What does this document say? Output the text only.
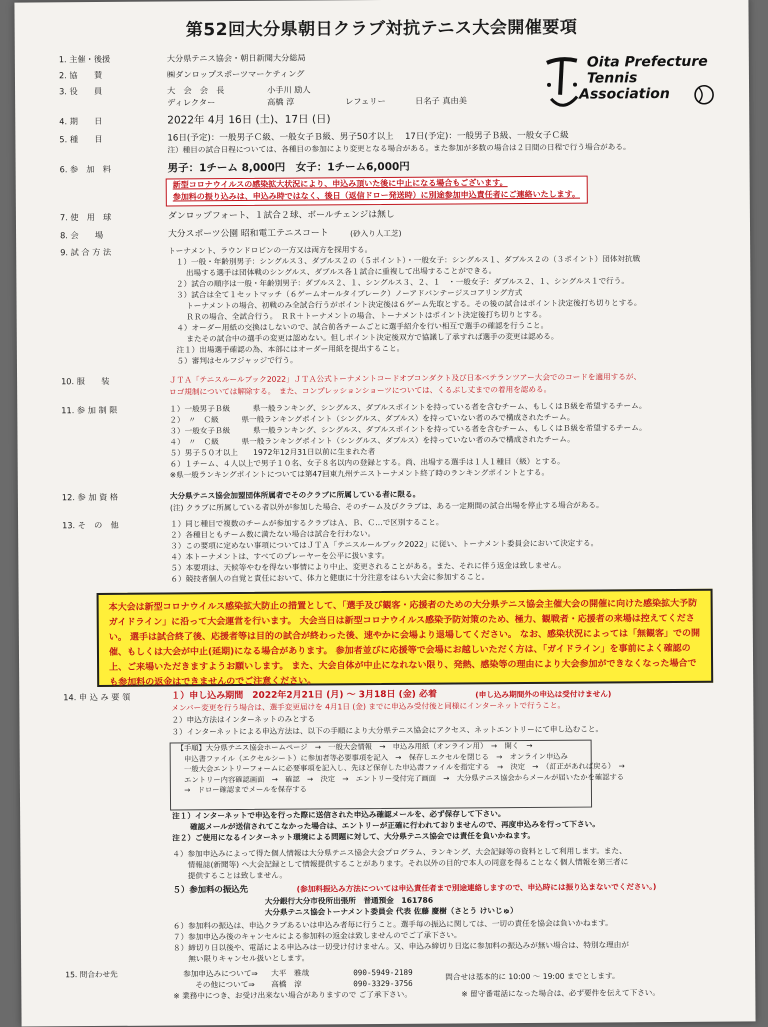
第52回大分県朝日クラブ対抗テニス大会開催要項
Oita Prefecture
Tennis
Association
1. 主催・後援	大分県テニス協会・朝日新聞大分総局
2. 協　　賛	㈱ダンロップスポーツマーケティング
3. 役　　員	大　会　会　長	小手川 励人
ディレクター	高橋 淳	レフェリー	日名子 真由美
4. 期　　日	2022年 4月 16日 (土)、17日 (日)
5. 種　　目	16日(予定)：一般男子Ｃ級、一般女子Ｂ級、男子50才以上　 17日(予定)：一般男子Ｂ級、一般女子Ｃ級
注）種目の試合日程については、各種目の参加により変更となる場合がある。また参加が多数の場合は２日間の日程で行う場合がある。
6. 参　加　料	男子：1チーム 8,000円　女子：1チーム6,000円
新型コロナウイルスの感染拡大状況により、申込み頂いた後に中止になる場合もございます。
参加料の振り込みは、申込み時ではなく、後日（返信ドロー発送時）に別途参加申込責任者にご連絡いたします。
7. 使　用　球	ダンロップフォート、１試合２球、ボールチェンジは無し
8. 会　　場	大分スポーツ公園 昭和電工テニスコート	(砂入り人工芝)
9. 試 合 方 法	トーナメント、ラウンドロビンの一方又は両方を採用する。
　１）一般・年齢別男子：シングルス３、ダブルス２の（５ポイント）・一般女子：シングルス１、ダブルス２の（３ポイント）団体対抗戦
　　 出場する選手は団体戦のシングルス、ダブルス各１試合に重複して出場することができる。
　２）試合の順序は一般・年齢別男子：ダブルス２、１、シングルス３、２、１　・一般女子：ダブルス２、１、シングルス１で行う。
　３）試合は全て１セットマッチ（６ゲームオールタイブレーク）ノーアドバンテージスコアリング方式
　　 トーナメントの場合、初戦のみ全試合行うがポイント決定後は６ゲーム先取とする。その後の試合はポイント決定後打ち切りとする。
　　 ＲＲの場合、全試合行う。　ＲＲ＋トーナメントの場合、トーナメントはポイント決定後打ち切りとする。
　４）オーダー用紙の交換はしないので、試合前各チームごとに選手紹介を行い相互で選手の確認を行うこと。
　　 またその試合中の選手の変更は認めない。但しポイント決定後双方で協議し了承すれば選手の変更は認める。
　注１）出場選手確認の為、本部にはオーダー用紙を提出すること。
　５）審判はセルフジャッジで行う。
10. 服　　装	ＪＴＡ「テニスルールブック2022」ＪＴＡ公式トーナメントコードオブコンダクト及び日本ベテランツアー大会でのコードを適用するが、
ロゴ規制については解除する。　また、コンプレッションショーツについては、くるぶし丈までの着用を認める。
11. 参 加 制 限	１）一般男子Ｂ級　　　県一般ランキング、シングルス、ダブルスポイントを持っている者を含むチーム、もしくはＢ級を希望するチーム。
２）　〃　Ｃ級　　　県一般ランキングポイント（シングルス、ダブルス）を持っていない者のみで構成されたチーム。
３）一般女子Ｂ級　　　県一般ランキング、シングルス、ダブルスポイントを持っている者を含むチーム、もしくはＢ級を希望するチーム。
４）　〃　Ｃ級　　　県一般ランキングポイント（シングルス、ダブルス）を持っていない者のみで構成されたチーム。
５）男子５０才以上　　1972年12月31日以前に生まれた者
６）１チーム、４人以上で男子１０名、女子８名以内の登録とする。尚、出場する選手は１人１種目（級）とする。
※県一般ランキングポイントについては第47回東九州テニストーナメント終了時のランキングポイントとする。
12. 参 加 資 格	大分県テニス協会加盟団体所属者でそのクラブに所属している者に限る。
(注) クラブに所属している者以外が参加した場合、そのチーム及びクラブは、ある一定期間の試合出場を停止する場合がある。
13. そ　の　他	１）同じ種目で複数のチームが参加するクラブはＡ、Ｂ、Ｃ…で区別すること。
２）各種目ともチーム数に満たない場合は試合を行わない。
３）この要項に定めない事項についてはＪＴＡ「テニスルールブック2022」に従い、トーナメント委員会において決定する。
４）本トーナメントは、すべてのプレーヤーを公平に扱います。
５）本要項は、天候等やむを得ない事情により中止、変更されることがある。また、それに伴う返金は致しません。
６）競技者個人の自覚と責任において、体力と健康に十分注意をはらい大会に参加すること。

本大会は新型コロナウイルス感染拡大防止の措置として、「選手及び観客・応援者のための大分県テニス協会主催大会の開催に向けた感染拡大予防ガイドライン」に沿って大会運営を行います。 大会当日は新型コロナウイルス感染予防対策のため、極力、観戦者・応援者の来場は控えてください。 選手は試合終了後、応援者等は目的の試合が終わった後、速やかに会場より退場してください。 なお、感染状況によっては「無観客」での開催、もしくは大会が中止(延期)になる場合があります。 参加者並びに応援等で会場にお越しいただく方は、「ガイドライン」を事前によく確認の上、ご来場いただきますようお願いします。 また、大会自体が中止になれない限り、発熱、感染等の理由により大会参加ができなくなった場合でも参加料の返金はできませんのでご注意ください。

14. 申 込 み 要 領	１）申し込み期間　2022年2月21日 (月) ～ 3月18日 (金) 必着	(申し込み期間外の申込は受付けません)
メンバー変更を行う場合は、選手変更届けを 4月1日 (金) までに申込み受付後と同様にインターネットで行うこと。
２）申込方法はインターネットのみとする
３）インターネットによる申込方法は、以下の手順により大分県テニス協会にアクセス、ネットエントリーにて申し込むこと。
【手順】大分県テニス協会ホームページ　→　一般大会情報　→　申込み用紙（オンライン用）　→　開く　→
　申込書ファイル（エクセルシート）に参加者等必要事項を記入　→　保存しエクセルを閉じる　→　オンライン申込み
　一般大会エントリーフォームに必要事項を記入し、先ほど保存した申込書ファイルを指定する　→　決定　→　（訂正があれば戻る）　→
　エントリー内容確認画面　→　確認　→　決定　→　エントリー受付完了画面　→　大分県テニス協会からメールが届いたかを確認する
　→　ドロー確認までメールを保存する
注１）インターネットで申込を行った際に送信された申込み確認メールを、必ず保存して下さい。
　　 確認メールが送信されてこなかった場合は、エントリーが正確に行われておりませんので、再度申込みを行って下さい。
注２）ご使用になるインターネット環境による問題に対して、大分県テニス協会では責任を負いかねます。
４）参加申込みによって得た個人情報は大分県テニス協会大会プログラム、ランキング、大会記録等の資料として利用します。また、
　　情報誌(新聞等) へ大会記録として情報提供することがあります。それ以外の目的で本人の同意を得ることなく個人情報を第三者に
　　提供することは致しません。
５）参加料の振込先	(参加料振込み方法については申込責任者まで別途連絡しますので、申込時には振り込まないでください。)
大分銀行大分市役所出張所　普通預金　161786
大分県テニス協会トーナメント委員会 代表 佐藤 慶樹（さとう けいじゅ）
６）参加料の振込は、申込クラブあるいは申込み者毎に行うこと。選手毎の振込に関しては、一切の責任を協会は負いかねます。
７）参加申込み後のキャンセルによる参加料の返金は致しませんのでご了承下さい。
８）締切り日以後や、電話による申込みは一切受け付けません。又、申込み締切り日迄に参加料の振込みが無い場合は、特別な理由が
　　無い限りキャンセル扱いとします。
15. 問合わせ先	参加申込みについて⇒ 大平　雅哉	090-5949-2189
その他について⇒ 高橋　淳	090-3329-3756
問合せは基本的に 10:00 ～ 19:00 までとします。
※ 業務中につき、お受け出来ない場合がありますので ご了承下さい。	※ 留守番電話になった場合は、必ず要件を伝えて下さい。
